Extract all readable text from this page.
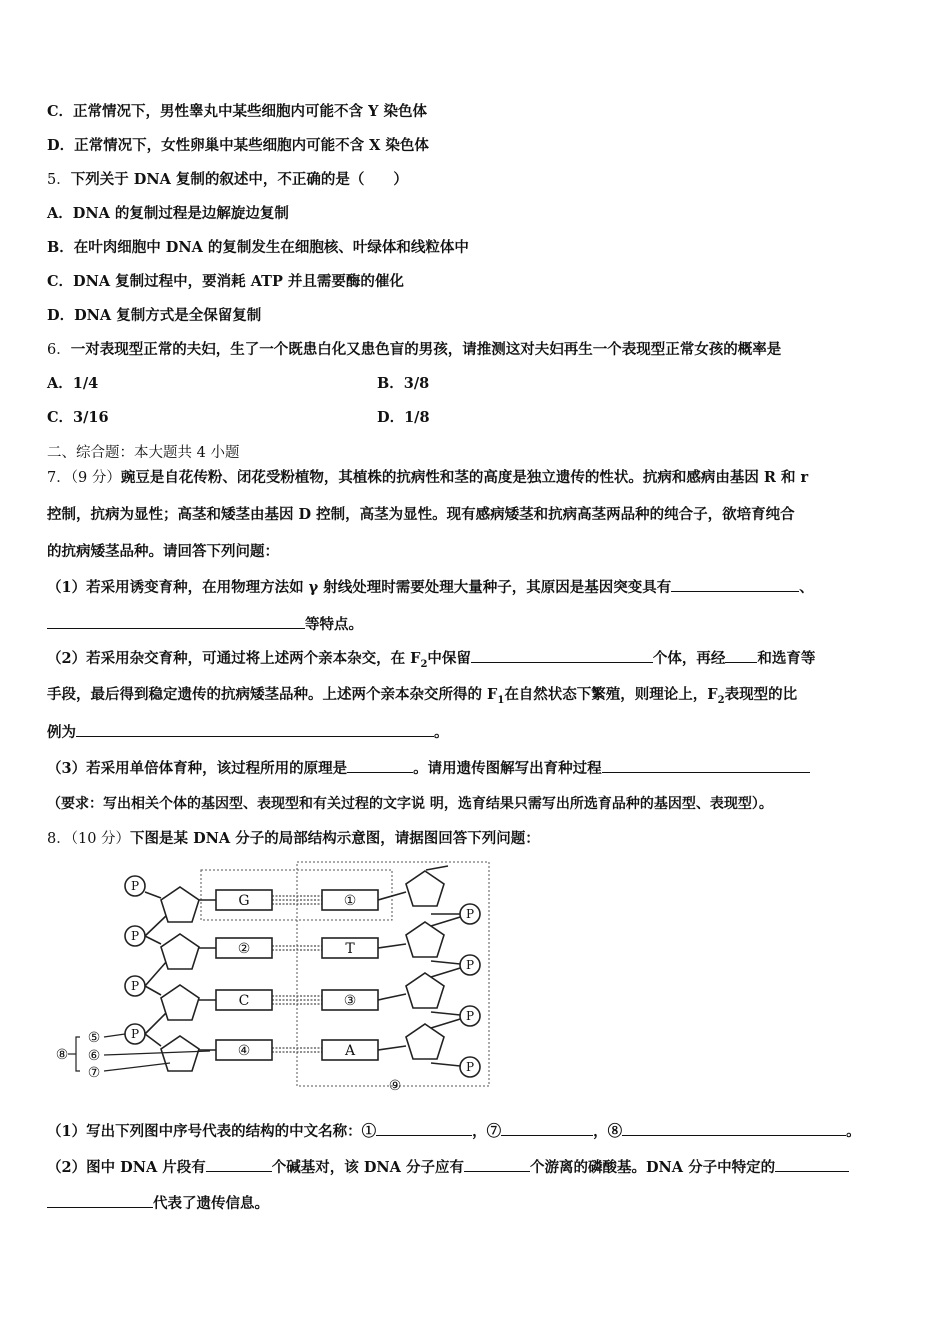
C．正常情况下，男性睾丸中某些细胞内可能不含 Y 染色体
D．正常情况下，女性卵巢中某些细胞内可能不含 X 染色体
5．下列关于 DNA 复制的叙述中，不正确的是（　　）
A．DNA 的复制过程是边解旋边复制
B．在叶肉细胞中 DNA 的复制发生在细胞核、叶绿体和线粒体中
C．DNA 复制过程中，要消耗 ATP 并且需要酶的催化
D．DNA 复制方式是全保留复制
6．一对表现型正常的夫妇，生了一个既患白化又患色盲的男孩，请推测这对夫妇再生一个表现型正常女孩的概率是
A．1/4	B．3/8
C．3/16	D．1/8
二、综合题：本大题共 4 小题
7．（9 分）豌豆是自花传粉、闭花受粉植物，其植株的抗病性和茎的高度是独立遗传的性状。抗病和感病由基因 R 和 r
控制，抗病为显性；高茎和矮茎由基因 D 控制，高茎为显性。现有感病矮茎和抗病高茎两品种的纯合子，欲培育纯合
的抗病矮茎品种。请回答下列问题：
（1）若采用诱变育种，在用物理方法如 γ 射线处理时需要处理大量种子，其原因是基因突变具有	、
等特点。
（2）若采用杂交育种，可通过将上述两个亲本杂交，在 $F_2$中保留	个体，再经 和选育等
手段，最后得到稳定遗传的抗病矮茎品种。上述两个亲本杂交所得的 $F_1$在自然状态下繁殖，则理论上，$F_2$表现型的比
例为	。
（3）若采用单倍体育种，该过程所用的原理是	。请用遗传图解写出育种过程
（要求：写出相关个体的基因型、表现型和有关过程的文字说 明，选育结果只需写出所选育品种的基因型、表现型）。
8．（10 分）下图是某 DNA 分子的局部结构示意图，请据图回答下列问题：
G
②
C
④
①
T
③
A
P
P
P
P
P
P
P
P
⑤
⑥
⑦
⑧
⑨
（1）写出下列图中序号代表的结构的中文名称：①	，⑦	，⑧	。
（2）图中 DNA 片段有	个碱基对，该 DNA 分子应有	个游离的磷酸基。DNA 分子中特定的
代表了遗传信息。
